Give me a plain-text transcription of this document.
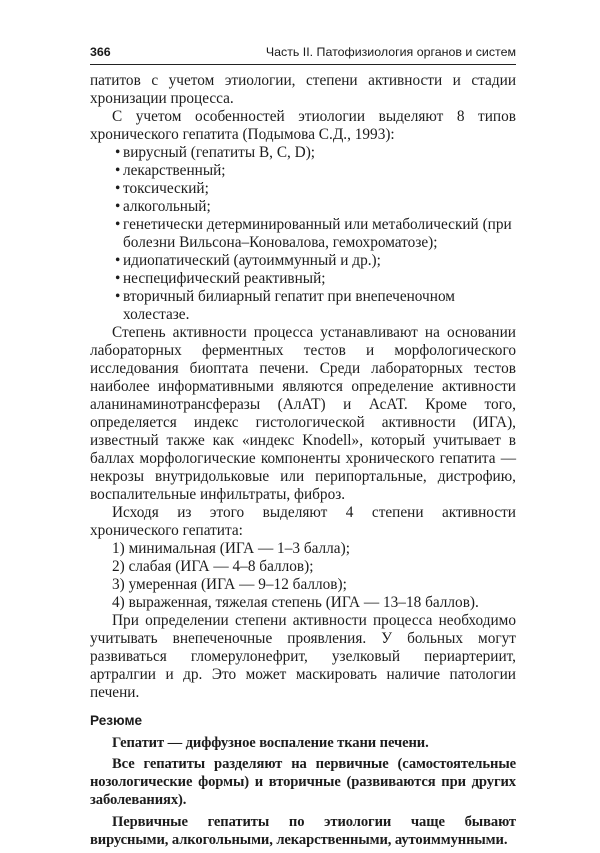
366	Часть II. Патофизиология органов и систем

патитов с учетом этиологии, степени активности и стадии хронизации процесса.

С учетом особенностей этиологии выделяют 8 типов хронического гепатита (Подымова С.Д., 1993):

• вирусный (гепатиты B, C, D);
• лекарственный;
• токсический;
• алкогольный;
• генетически детерминированный или метаболический (при болезни Вильсона–Коновалова, гемохроматозе);
• идиопатический (аутоиммунный и др.);
• неспецифический реактивный;
• вторичный билиарный гепатит при внепеченочном холестазе.

Степень активности процесса устанавливают на основании лабораторных ферментных тестов и морфологического исследования биоптата печени. Среди лабораторных тестов наиболее информативными являются определение активности аланинаминотрансферазы (АлАТ) и АсАТ. Кроме того, определяется индекс гистологической активности (ИГА), известный также как «индекс Knodell», который учитывает в баллах морфологические компоненты хронического гепатита — некрозы внутридольковые или перипортальные, дистрофию, воспалительные инфильтраты, фиброз.

Исходя из этого выделяют 4 степени активности хронического гепатита:

1) минимальная (ИГА — 1–3 балла);
2) слабая (ИГА — 4–8 баллов);
3) умеренная (ИГА — 9–12 баллов);
4) выраженная, тяжелая степень (ИГА — 13–18 баллов).

При определении степени активности процесса необходимо учитывать внепеченочные проявления. У больных могут развиваться гломерулонефрит, узелковый периартериит, артралгии и др. Это может маскировать наличие патологии печени.

Резюме

Гепатит — диффузное воспаление ткани печени.

Все гепатиты разделяют на первичные (самостоятельные нозологические формы) и вторичные (развиваются при других заболеваниях).

Первичные гепатиты по этиологии чаще бывают вирусными, алкогольными, лекарственными, аутоиммунными.
